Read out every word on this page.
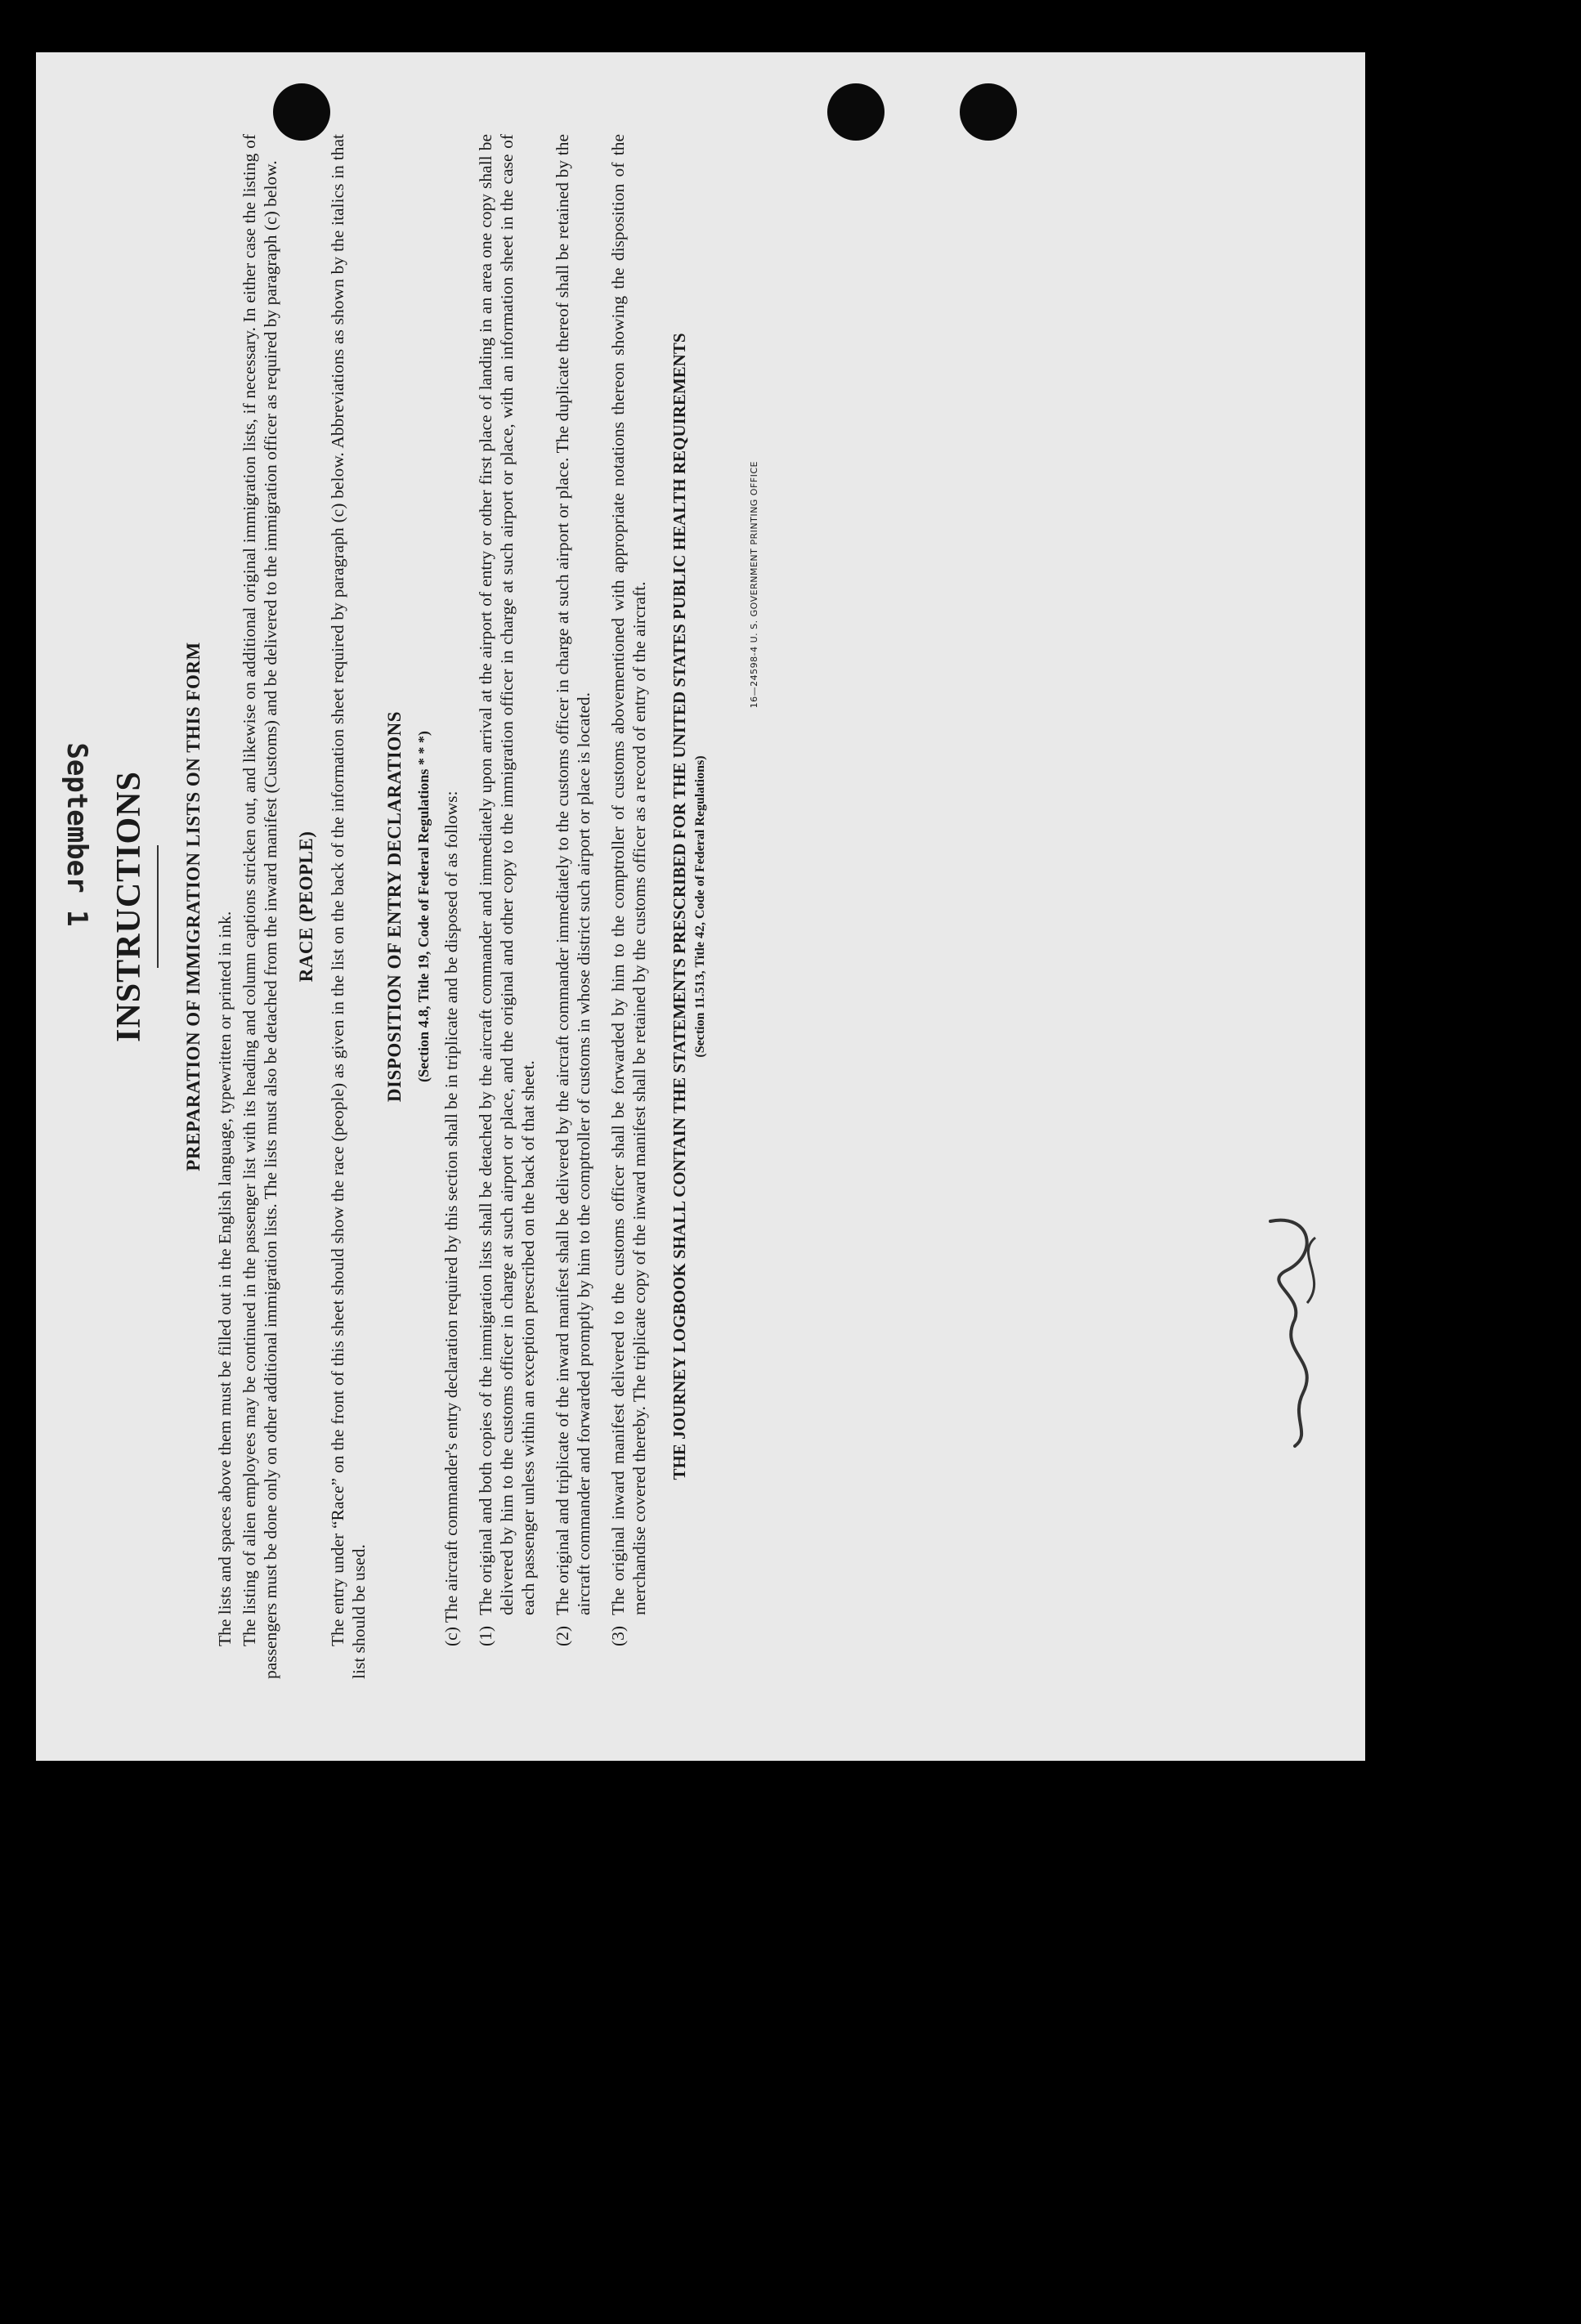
September 1 INSTRUCTIONS PREPARATION OF IMMIGRATION LISTS ON THIS FORM

The lists and spaces above them must be filled out in the English language, typewritten or printed in ink. The listing of alien employees may be continued in the passenger list with its heading and column captions stricken out, and likewise on additional original immigration lists, if necessary. In either case the listing of passengers must be done only on other additional immigration lists. The lists must also be detached from the inward manifest (Customs) and be delivered to the immigration officer as required by paragraph (c) below. RACE (PEOPLE) The entry under “Race” on the front of this sheet should show the race (people) as given in the list on the back of the information sheet required by paragraph (c) below. Abbreviations as shown by the italics in that list should be used.

DISPOSITION OF ENTRY DECLARATIONS (Section 4.8, Title 19, Code of Federal Regulations * * *) (c) The aircraft commander's entry declaration required by this section shall be in triplicate and be disposed of as follows: (1)
The original and both copies of the immigration lists shall be detached by the aircraft commander and immediately upon arrival at the airport of entry or other first place of landing in an area one copy shall be delivered by him to the customs officer in charge at such airport or place, and the original and other copy to the immigration officer in charge at such airport or place, with an information sheet in the case of each passenger unless within an exception prescribed on the back of that sheet.
(2)
The original and triplicate of the inward manifest shall be delivered by the aircraft commander immediately to the customs officer in charge at such airport or place. The duplicate thereof shall be retained by the aircraft commander and forwarded promptly by him to the comptroller of customs in whose district such airport or place is located.
(3)
The original inward manifest delivered to the customs officer shall be forwarded by him to the comptroller of customs abovementioned with appropriate notations thereon showing the disposition of the merchandise covered thereby. The triplicate copy of the inward manifest shall be retained by the customs officer as a record of entry of the aircraft. THE JOURNEY LOGBOOK SHALL CONTAIN THE STATEMENTS PRESCRIBED FOR THE UNITED STATES PUBLIC HEALTH REQUIREMENTS (Section 11.513, Title 42, Code of Federal Regulations)
16—24598-4 U. S. GOVERNMENT PRINTING OFFICE
